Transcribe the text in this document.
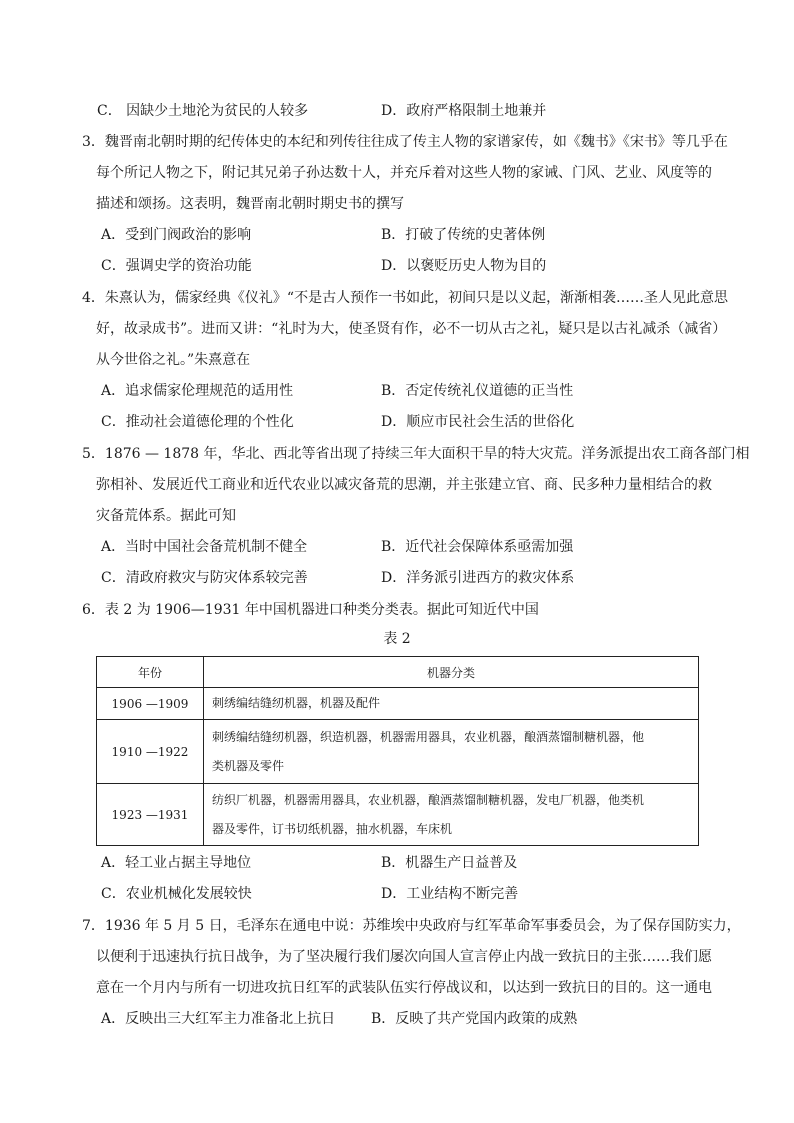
C． 因缺少土地沦为贫民的人较多	D．政府严格限制土地兼并
3．魏晋南北朝时期的纪传体史的本纪和列传往往成了传主人物的家谱家传，如《魏书》《宋书》等几乎在
每个所记人物之下，附记其兄弟子孙达数十人，并充斥着对这些人物的家诫、门风、艺业、风度等的
描述和颂扬。这表明，魏晋南北朝时期史书的撰写
A．受到门阀政治的影响	B．打破了传统的史著体例
C．强调史学的资治功能	D．以褒贬历史人物为目的
4．朱熹认为，儒家经典《仪礼》“不是古人预作一书如此，初间只是以义起，渐渐相袭……圣人见此意思
好，故录成书”。进而又讲：“礼时为大，使圣贤有作，必不一切从古之礼，疑只是以古礼减杀（减省）
从今世俗之礼。”朱熹意在
A．追求儒家伦理规范的适用性	B．否定传统礼仪道德的正当性
C．推动社会道德伦理的个性化	D．顺应市民社会生活的世俗化
5．1876 — 1878 年，华北、西北等省出现了持续三年大面积干旱的特大灾荒。洋务派提出农工商各部门相
弥相补、发展近代工商业和近代农业以减灾备荒的思潮，并主张建立官、商、民多种力量相结合的救
灾备荒体系。据此可知
A．当时中国社会备荒机制不健全	B．近代社会保障体系亟需加强
C．清政府救灾与防灾体系较完善	D．洋务派引进西方的救灾体系
6．表 2 为 1906—1931 年中国机器进口种类分类表。据此可知近代中国
表 2
年份	机器分类
1906 —1909	刺绣编结缝纫机器，机器及配件

1910 —1922	刺绣编结缝纫机器，织造机器，机器需用器具，农业机器，酿酒蒸馏制糖机器，他
类机器及零件

1923 —1931	纺织厂机器，机器需用器具，农业机器，酿酒蒸馏制糖机器，发电厂机器，他类机
器及零件，订书切纸机器，抽水机器，车床机
A．轻工业占据主导地位	B．机器生产日益普及
C．农业机械化发展较快	D．工业结构不断完善
7．1936 年 5 月 5 日，毛泽东在通电中说：苏维埃中央政府与红军革命军事委员会，为了保存国防实力，
以便利于迅速执行抗日战争，为了坚决履行我们屡次向国人宣言停止内战一致抗日的主张……我们愿
意在一个月内与所有一切进攻抗日红军的武装队伍实行停战议和，以达到一致抗日的目的。这一通电
A．反映出三大红军主力准备北上抗日	B．反映了共产党国内政策的成熟
